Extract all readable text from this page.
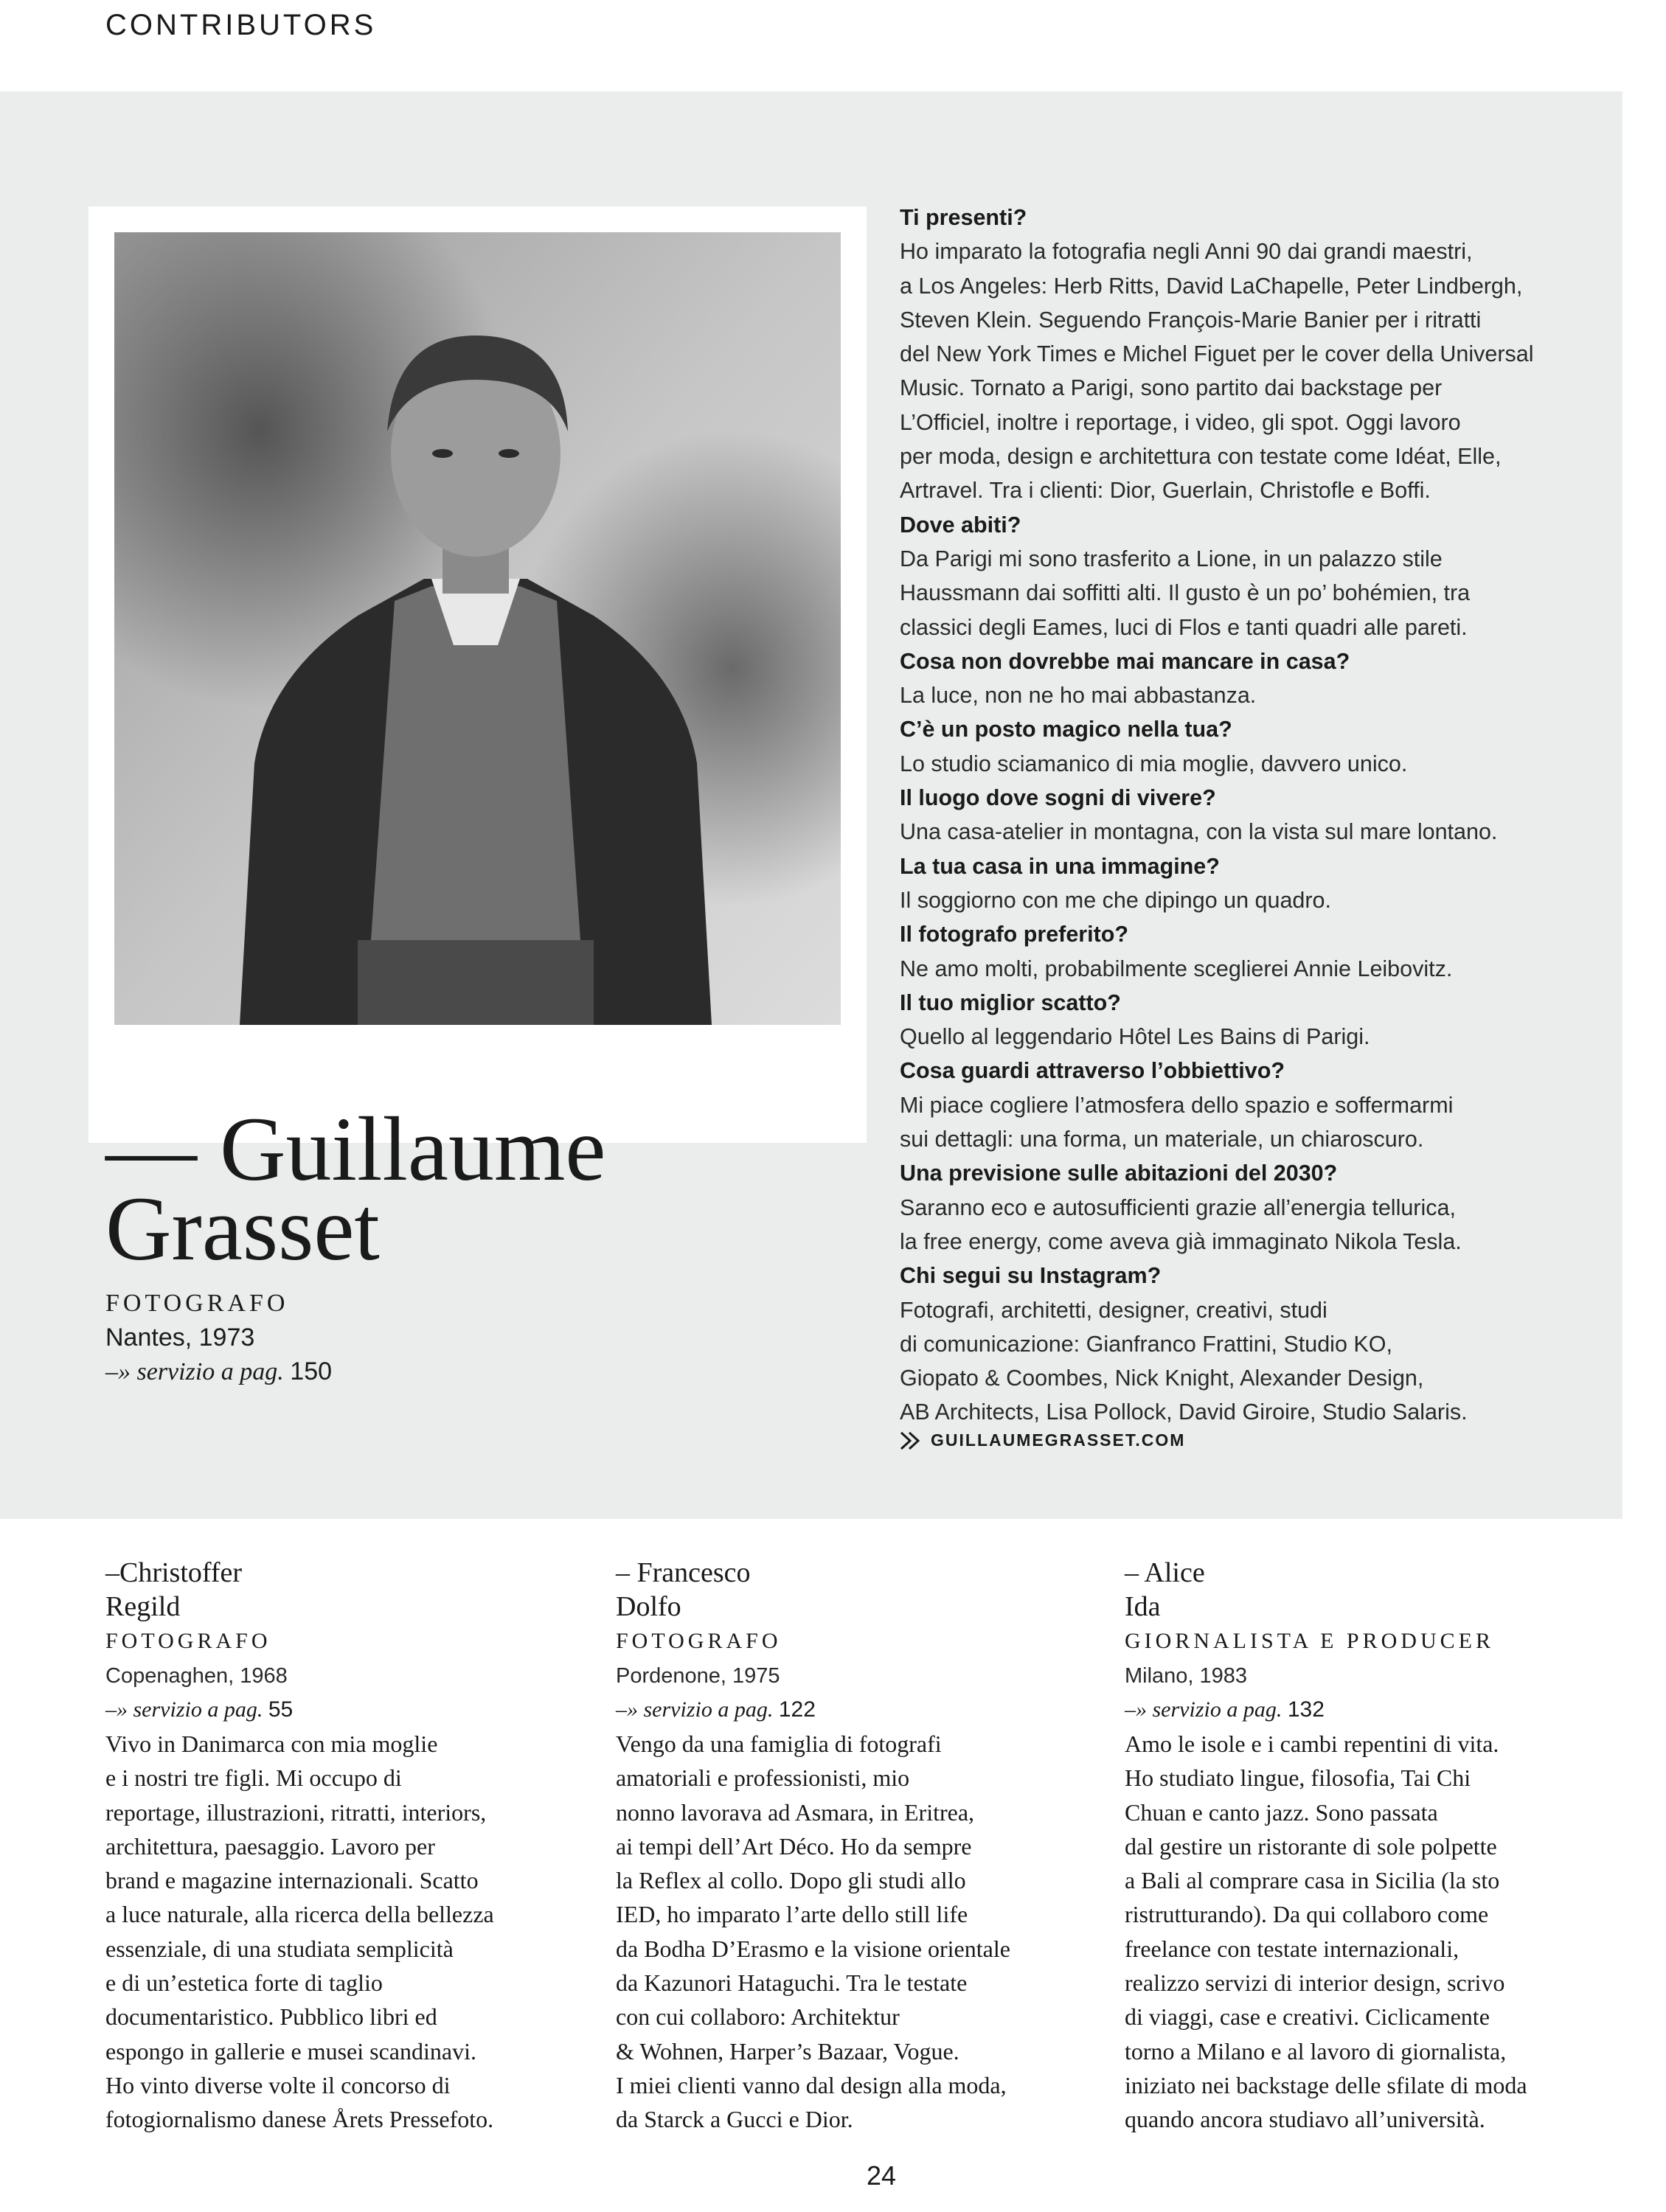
CONTRIBUTORS
— Guillaume
Grasset
FOTOGRAFO
Nantes, 1973
–» servizio a pag. 150

Ti presenti?

Ho imparato la fotografia negli Anni 90 dai grandi maestri,

a Los Angeles: Herb Ritts, David LaChapelle, Peter Lindbergh,

Steven Klein. Seguendo François-Marie Banier per i ritratti

del New York Times e Michel Figuet per le cover della Universal

Music. Tornato a Parigi, sono partito dai backstage per

L’Officiel, inoltre i reportage, i video, gli spot. Oggi lavoro

per moda, design e architettura con testate come Idéat, Elle,

Artravel. Tra i clienti: Dior, Guerlain, Christofle e Boffi.

Dove abiti?

Da Parigi mi sono trasferito a Lione, in un palazzo stile

Haussmann dai soffitti alti. Il gusto è un po’ bohémien, tra

classici degli Eames, luci di Flos e tanti quadri alle pareti.

Cosa non dovrebbe mai mancare in casa?

La luce, non ne ho mai abbastanza.

C’è un posto magico nella tua?

Lo studio sciamanico di mia moglie, davvero unico.

Il luogo dove sogni di vivere?

Una casa-atelier in montagna, con la vista sul mare lontano.

La tua casa in una immagine?

Il soggiorno con me che dipingo un quadro.

Il fotografo preferito?

Ne amo molti, probabilmente sceglierei Annie Leibovitz.

Il tuo miglior scatto?

Quello al leggendario Hôtel Les Bains di Parigi.

Cosa guardi attraverso l’obbiettivo?

Mi piace cogliere l’atmosfera dello spazio e soffermarmi

sui dettagli: una forma, un materiale, un chiaroscuro.

Una previsione sulle abitazioni del 2030?

Saranno eco e autosufficienti grazie all’energia tellurica,

la free energy, come aveva già immaginato Nikola Tesla.

Chi segui su Instagram?

Fotografi, architetti, designer, creativi, studi

di comunicazione: Gianfranco Frattini, Studio KO,

Giopato & Coombes, Nick Knight, Alexander Design,

AB Architects, Lisa Pollock, David Giroire, Studio Salaris.

GUILLAUMEGRASSET.COM
–Christoffer
Regild
FOTOGRAFO
Copenaghen, 1968
–» servizio a pag. 55
Vivo in Danimarca con mia moglie
e i nostri tre figli. Mi occupo di
reportage, illustrazioni, ritratti, interiors,
architettura, paesaggio. Lavoro per
brand e magazine internazionali. Scatto
a luce naturale, alla ricerca della bellezza
essenziale, di una studiata semplicità
e di un’estetica forte di taglio
documentaristico. Pubblico libri ed
espongo in gallerie e musei scandinavi.
Ho vinto diverse volte il concorso di
fotogiornalismo danese Årets Pressefoto.
– Francesco
Dolfo
FOTOGRAFO
Pordenone, 1975
–» servizio a pag. 122
Vengo da una famiglia di fotografi
amatoriali e professionisti, mio
nonno lavorava ad Asmara, in Eritrea,
ai tempi dell’Art Déco. Ho da sempre
la Reflex al collo. Dopo gli studi allo
IED, ho imparato l’arte dello still life
da Bodha D’Erasmo e la visione orientale
da Kazunori Hataguchi. Tra le testate
con cui collaboro: Architektur
& Wohnen, Harper’s Bazaar, Vogue.
I miei clienti vanno dal design alla moda,
da Starck a Gucci e Dior.
– Alice
Ida
GIORNALISTA E PRODUCER
Milano, 1983
–» servizio a pag. 132
Amo le isole e i cambi repentini di vita.
Ho studiato lingue, filosofia, Tai Chi
Chuan e canto jazz. Sono passata
dal gestire un ristorante di sole polpette
a Bali al comprare casa in Sicilia (la sto
ristrutturando). Da qui collaboro come
freelance con testate internazionali,
realizzo servizi di interior design, scrivo
di viaggi, case e creativi. Ciclicamente
torno a Milano e al lavoro di giornalista,
iniziato nei backstage delle sfilate di moda
quando ancora studiavo all’università.
24
